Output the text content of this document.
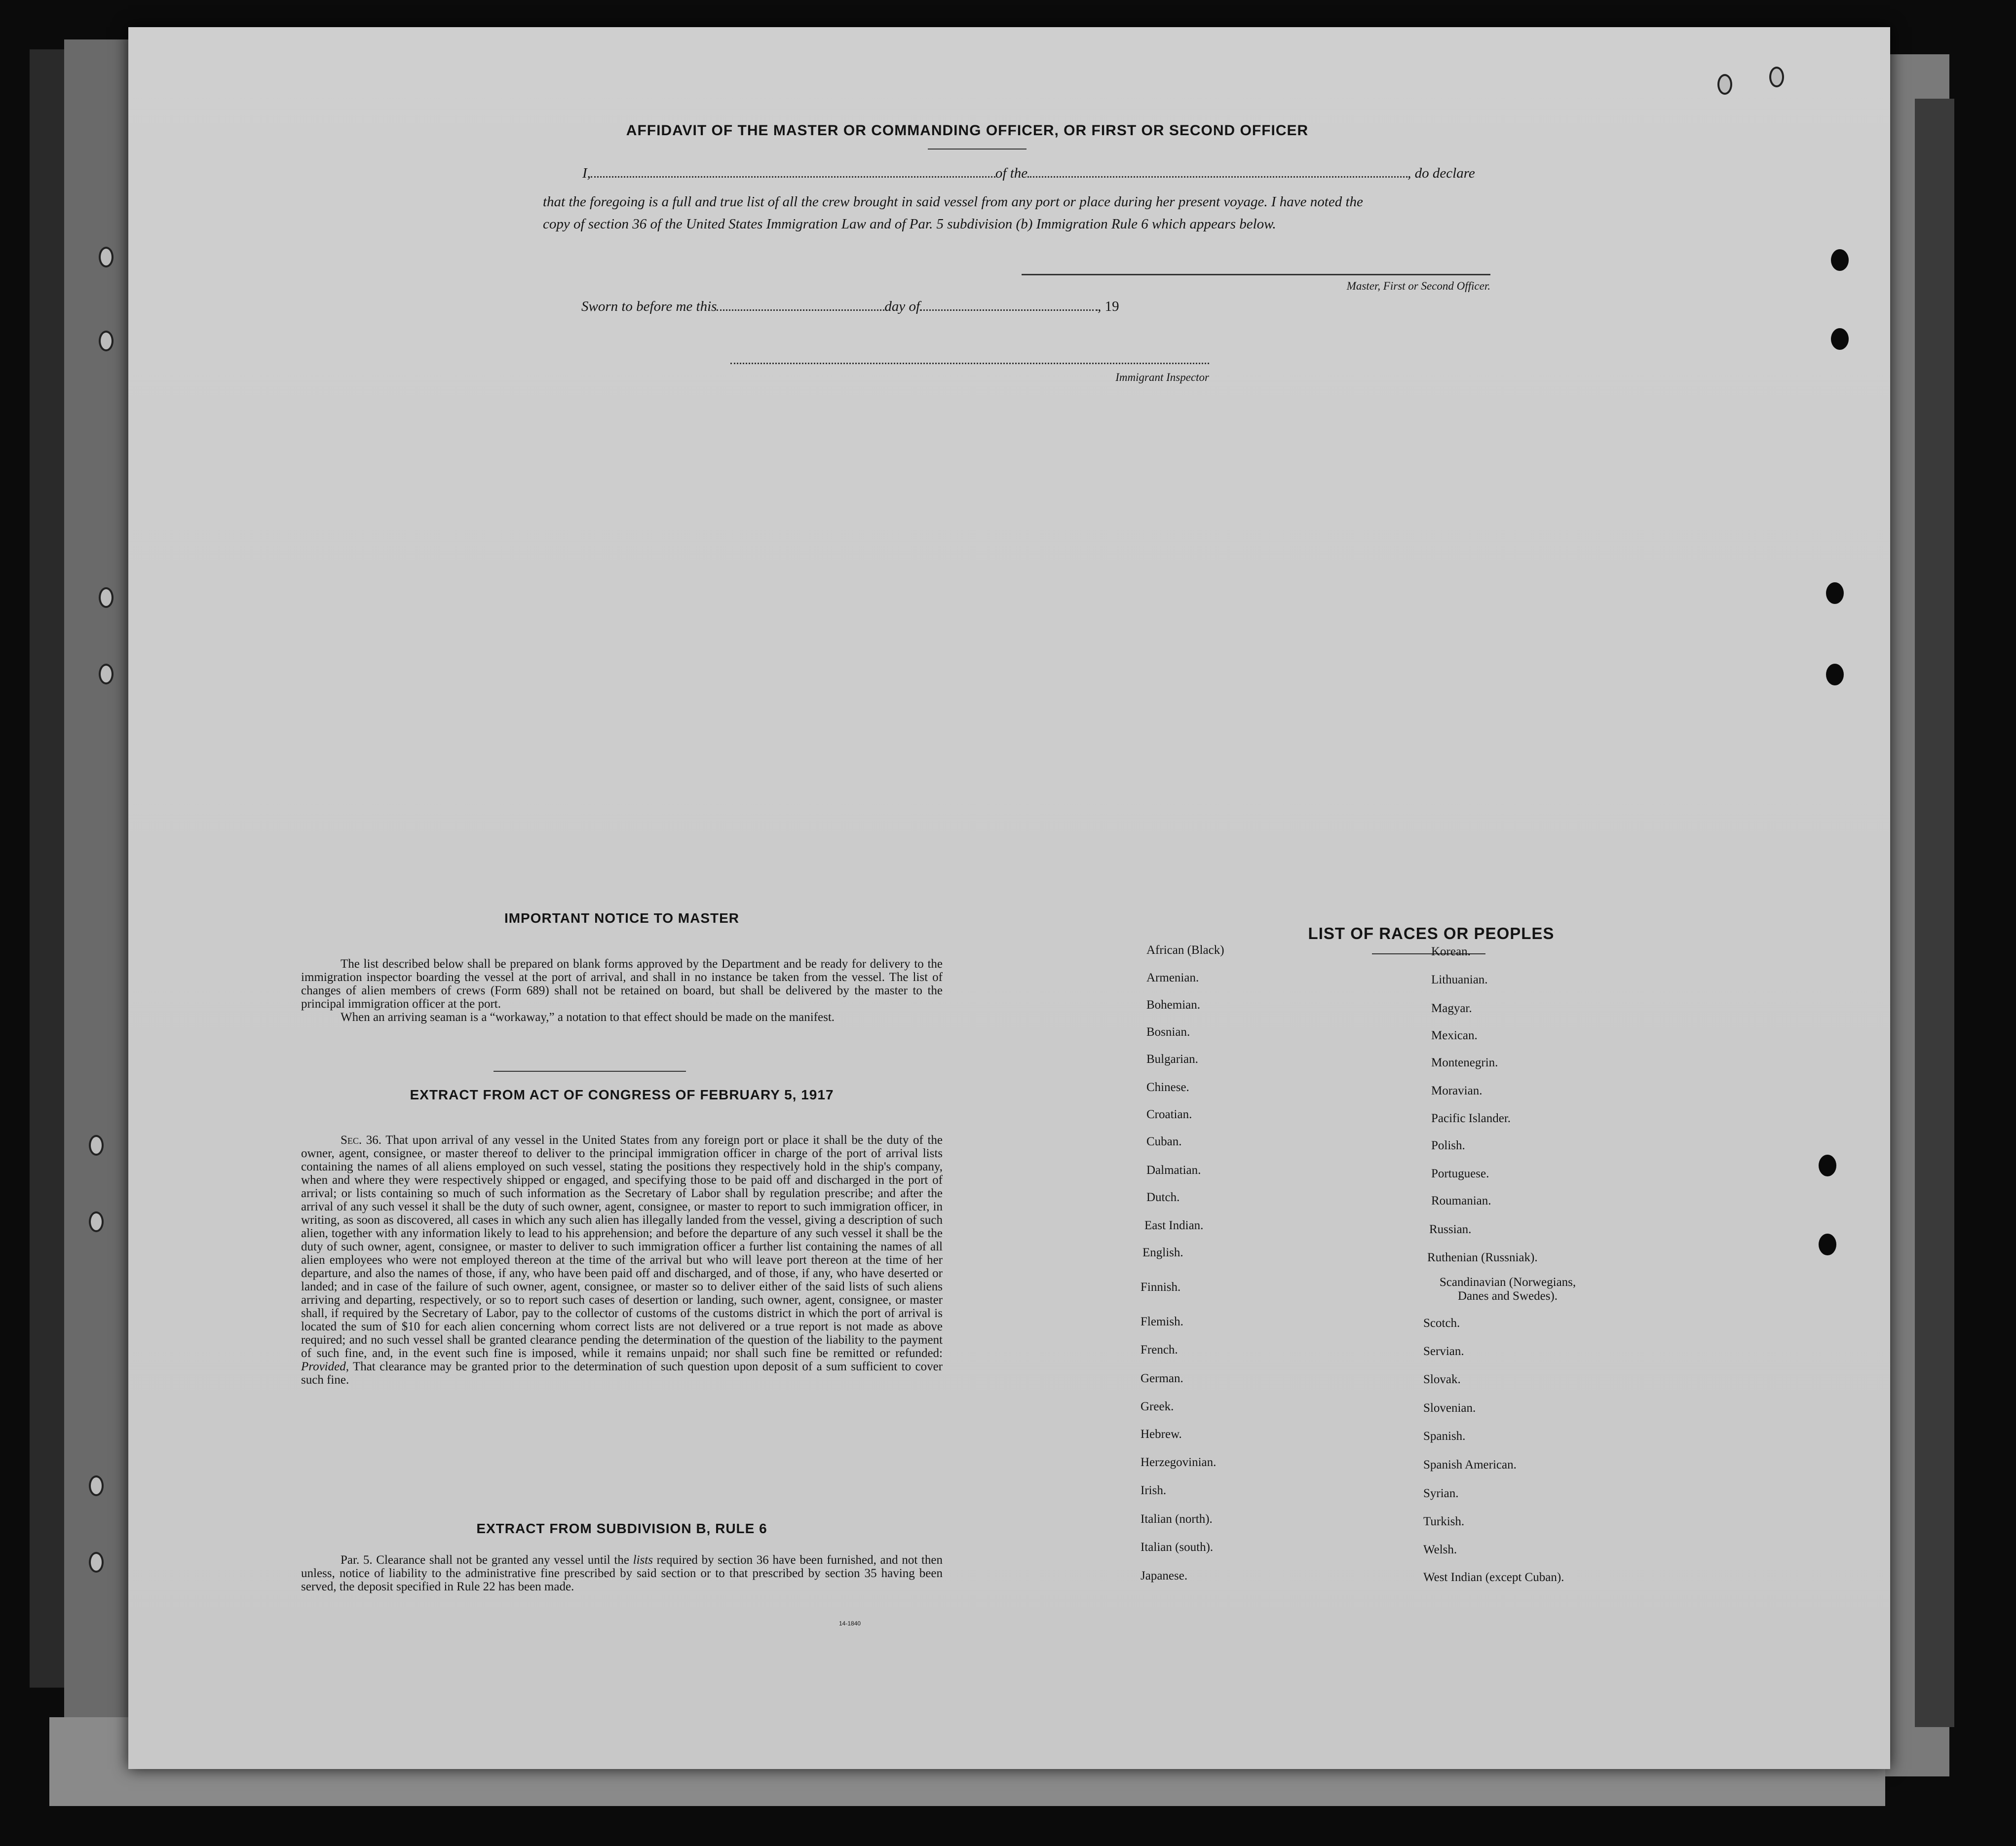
AFFIDAVIT OF THE MASTER OR COMMANDING OFFICER, OR FIRST OR SECOND OFFICER
I,	of the	, do declare
that the foregoing is a full and true list of all the crew brought in said vessel from any port or place during her present voyage. I have noted the
copy of section 36 of the United States Immigration Law and of Par. 5 subdivision (b) Immigration Rule 6 which appears below.
Master, First or Second Officer.
Sworn to before me this	day of	, 19
Immigrant Inspector
IMPORTANT NOTICE TO MASTER

The list described below shall be prepared on blank forms approved by the Department and be ready for delivery to the immigration inspector boarding the vessel at the port of arrival, and shall in no instance be taken from the vessel. The list of changes of alien members of crews (Form 689) shall not be retained on board, but shall be delivered by the master to the principal immigration officer at the port.

When an arriving seaman is a “workaway,” a notation to that effect should be made on the manifest.

EXTRACT FROM ACT OF CONGRESS OF FEBRUARY 5, 1917

Sec. 36. That upon arrival of any vessel in the United States from any foreign port or place it shall be the duty of the owner, agent, consignee, or master thereof to deliver to the principal immigration officer in charge of the port of arrival lists containing the names of all aliens employed on such vessel, stating the positions they respectively hold in the ship's company, when and where they were respectively shipped or engaged, and specifying those to be paid off and discharged in the port of arrival; or lists containing so much of such information as the Secretary of Labor shall by regulation prescribe; and after the arrival of any such vessel it shall be the duty of such owner, agent, consignee, or master to report to such immigration officer, in writing, as soon as discovered, all cases in which any such alien has illegally landed from the vessel, giving a description of such alien, together with any information likely to lead to his apprehension; and before the departure of any such vessel it shall be the duty of such owner, agent, consignee, or master to deliver to such immigration officer a further list containing the names of all alien employees who were not employed thereon at the time of the arrival but who will leave port thereon at the time of her departure, and also the names of those, if any, who have been paid off and discharged, and of those, if any, who have deserted or landed; and in case of the failure of such owner, agent, consignee, or master so to deliver either of the said lists of such aliens arriving and departing, respectively, or so to report such cases of desertion or landing, such owner, agent, consignee, or master shall, if required by the Secretary of Labor, pay to the collector of customs of the customs district in which the port of arrival is located the sum of $10 for each alien concerning whom correct lists are not delivered or a true report is not made as above required; and no such vessel shall be granted clearance pending the determination of the question of the liability to the payment of such fine, and, in the event such fine is imposed, while it remains unpaid; nor shall such fine be remitted or refunded: Provided, That clearance may be granted prior to the determination of such question upon deposit of a sum sufficient to cover such fine.

EXTRACT FROM SUBDIVISION B, RULE 6

Par. 5. Clearance shall not be granted any vessel until the lists required by section 36 have been furnished, and not then unless, notice of liability to the administrative fine prescribed by said section or to that prescribed by section 35 having been served, the deposit specified in Rule 22 has been made.

14-1840
LIST OF RACES OR PEOPLES
African (Black)
Armenian.
Bohemian.
Bosnian.
Bulgarian.
Chinese.
Croatian.
Cuban.
Dalmatian.
Dutch.
East Indian.
English.
Finnish.
Flemish.
French.
German.
Greek.
Hebrew.
Herzegovinian.
Irish.
Italian (north).
Italian (south).
Japanese.
Korean.
Lithuanian.
Magyar.
Mexican.
Montenegrin.
Moravian.
Pacific Islander.
Polish.
Portuguese.
Roumanian.
Russian.
Ruthenian (Russniak).
Scandinavian (Norwegians, Danes and Swedes).
Scotch.
Servian.
Slovak.
Slovenian.
Spanish.
Spanish American.
Syrian.
Turkish.
Welsh.
West Indian (except Cuban).
